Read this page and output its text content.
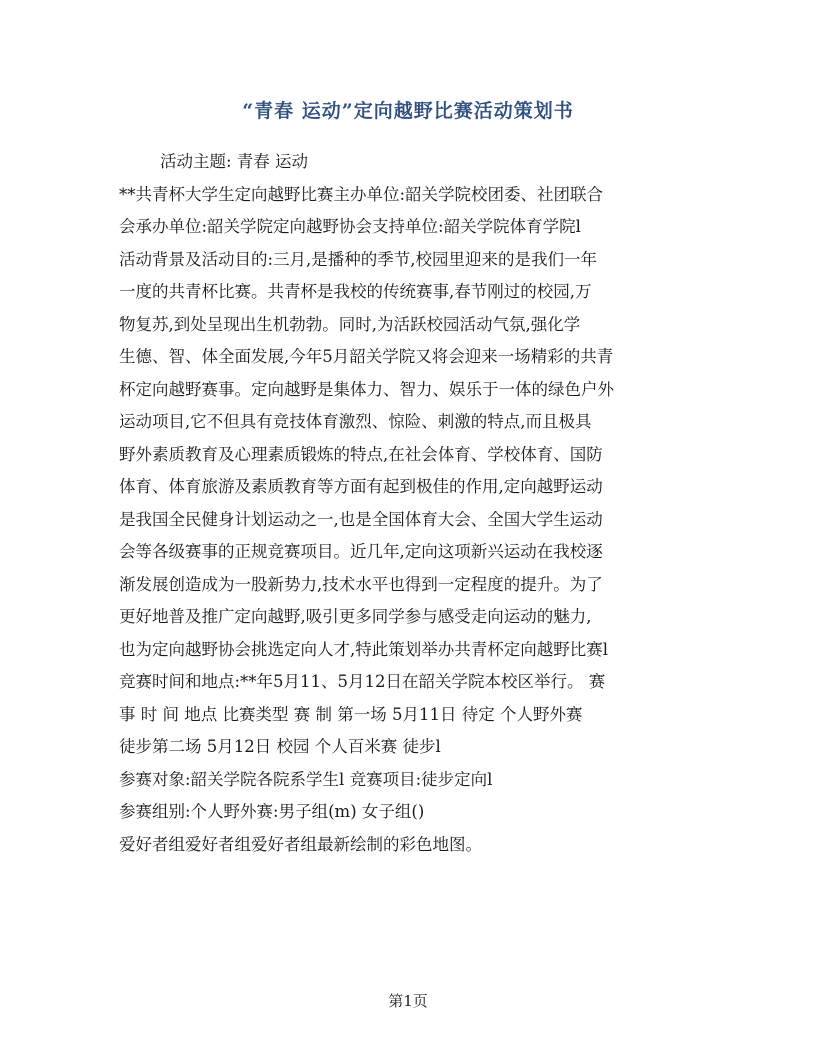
“青春 运动”定向越野比赛活动策划书
活动主题: 青春 运动
**共青杯大学生定向越野比赛主办单位:韶关学院校团委、社团联合
会承办单位:韶关学院定向越野协会支持单位:韶关学院体育学院l
活动背景及活动目的:三月,是播种的季节,校园里迎来的是我们一年
一度的共青杯比赛。共青杯是我校的传统赛事,春节刚过的校园,万
物复苏,到处呈现出生机勃勃。同时,为活跃校园活动气氛,强化学
生德、智、体全面发展,今年5月韶关学院又将会迎来一场精彩的共青
杯定向越野赛事。定向越野是集体力、智力、娱乐于一体的绿色户外
运动项目,它不但具有竞技体育激烈、惊险、刺激的特点,而且极具
野外素质教育及心理素质锻炼的特点,在社会体育、学校体育、国防
体育、体育旅游及素质教育等方面有起到极佳的作用,定向越野运动
是我国全民健身计划运动之一,也是全国体育大会、全国大学生运动
会等各级赛事的正规竞赛项目。近几年,定向这项新兴运动在我校逐
渐发展创造成为一股新势力,技术水平也得到一定程度的提升。为了
更好地普及推广定向越野,吸引更多同学参与感受走向运动的魅力,
也为定向越野协会挑选定向人才,特此策划举办共青杯定向越野比赛l
竞赛时间和地点:**年5月11、5月12日在韶关学院本校区举行。 赛
事 时 间 地点 比赛类型 赛 制 第一场 5月11日 待定 个人野外赛
徒步第二场 5月12日 校园 个人百米赛 徒步l
参赛对象:韶关学院各院系学生l 竞赛项目:徒步定向l
参赛组别:个人野外赛:男子组(m) 女子组()
爱好者组爱好者组爱好者组最新绘制的彩色地图。
第1页
